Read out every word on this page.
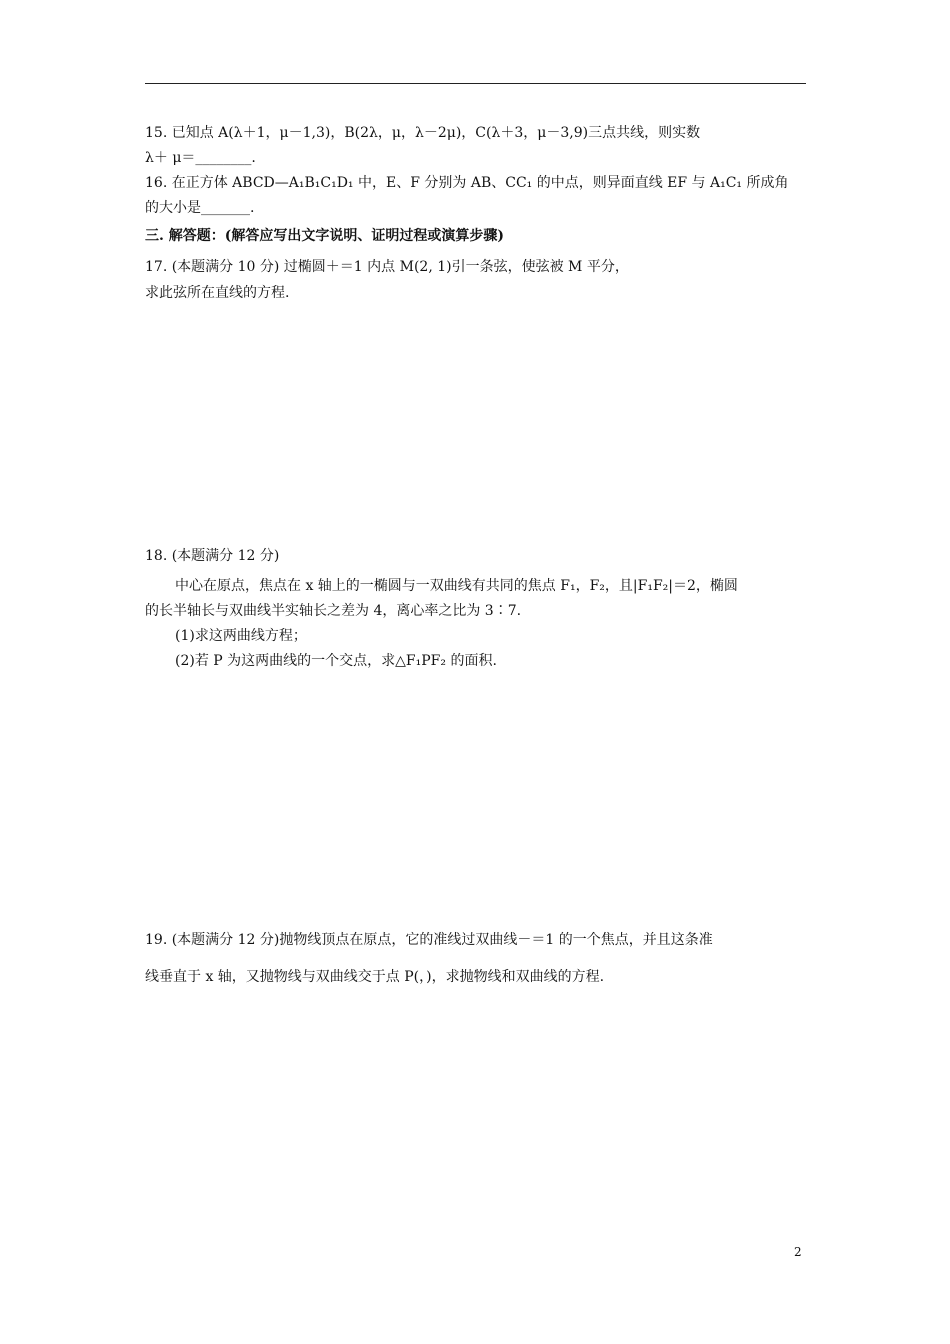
15. 已知点 A(λ＋1，μ－1,3)，B(2λ，μ，λ－2μ)，C(λ＋3，μ－3,9)三点共线，则实数
λ＋ μ＝________.
16. 在正方体 ABCD—A₁B₁C₁D₁ 中，E、F 分别为 AB、CC₁ 的中点，则异面直线 EF 与 A₁C₁ 所成角
的大小是_______.
三. 解答题：(解答应写出文字说明、证明过程或演算步骤)
17. (本题满分 10 分) 过椭圆＋＝1 内点 M(2, 1)引一条弦，使弦被 M 平分，
求此弦所在直线的方程.
18. (本题满分 12 分)
中心在原点，焦点在 x 轴上的一椭圆与一双曲线有共同的焦点 F₁，F₂，且|F₁F₂|＝2，椭圆
的长半轴长与双曲线半实轴长之差为 4，离心率之比为 3∶7.
(1)求这两曲线方程；
(2)若 P 为这两曲线的一个交点，求△F₁PF₂ 的面积.
19. (本题满分 12 分)抛物线顶点在原点，它的准线过双曲线－＝1 的一个焦点，并且这条准
线垂直于 x 轴，又抛物线与双曲线交于点 P(，)，求抛物线和双曲线的方程.
2
